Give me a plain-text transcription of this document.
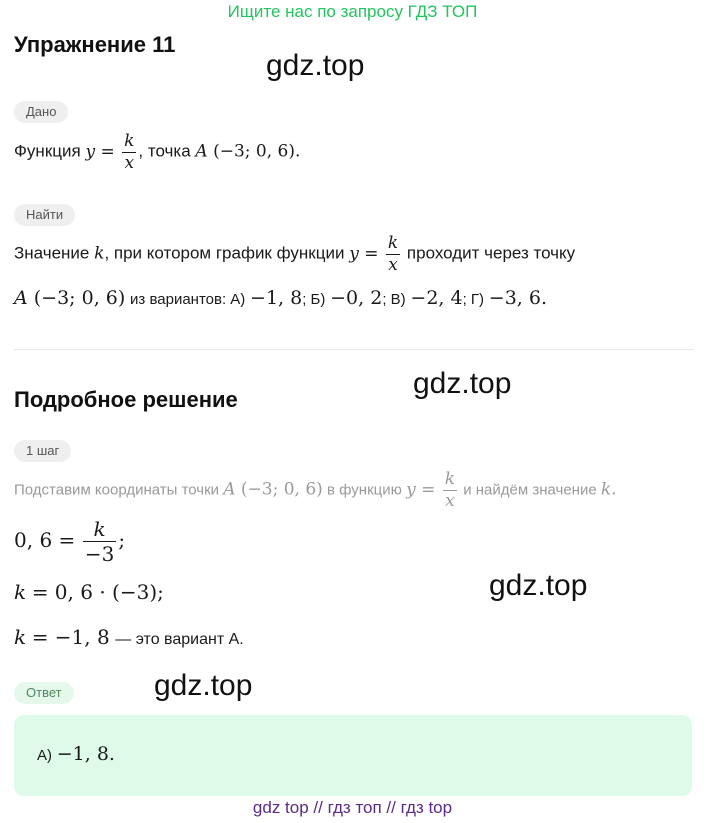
Ищите нас по запросу ГДЗ ТОП
Упражнение 11
gdz.top
Дано
Функция $y = \frac{k}{x}$ , точка A (−3; 0, 6).
Найти
Значение k, при котором график функции $y = \frac{k}{x}$ проходит через точку
A (−3; 0, 6) из вариантов: А) −1, 8; Б) −0, 2; В) −2, 4; Г) −3, 6.
gdz.top
Подробное решение
1 шаг
Подставим координаты точки A (−3; 0, 6) в функцию $y = \frac{k}{x}$ и найдём значение k.
0, $6 = \frac{k}{-3}$ ;
gdz.top
k = 0, 6 · (−3);
k = −1, 8 — это вариант А.
Ответ	gdz.top
А) −1, 8.
gdz top // гдз топ // гдз top
